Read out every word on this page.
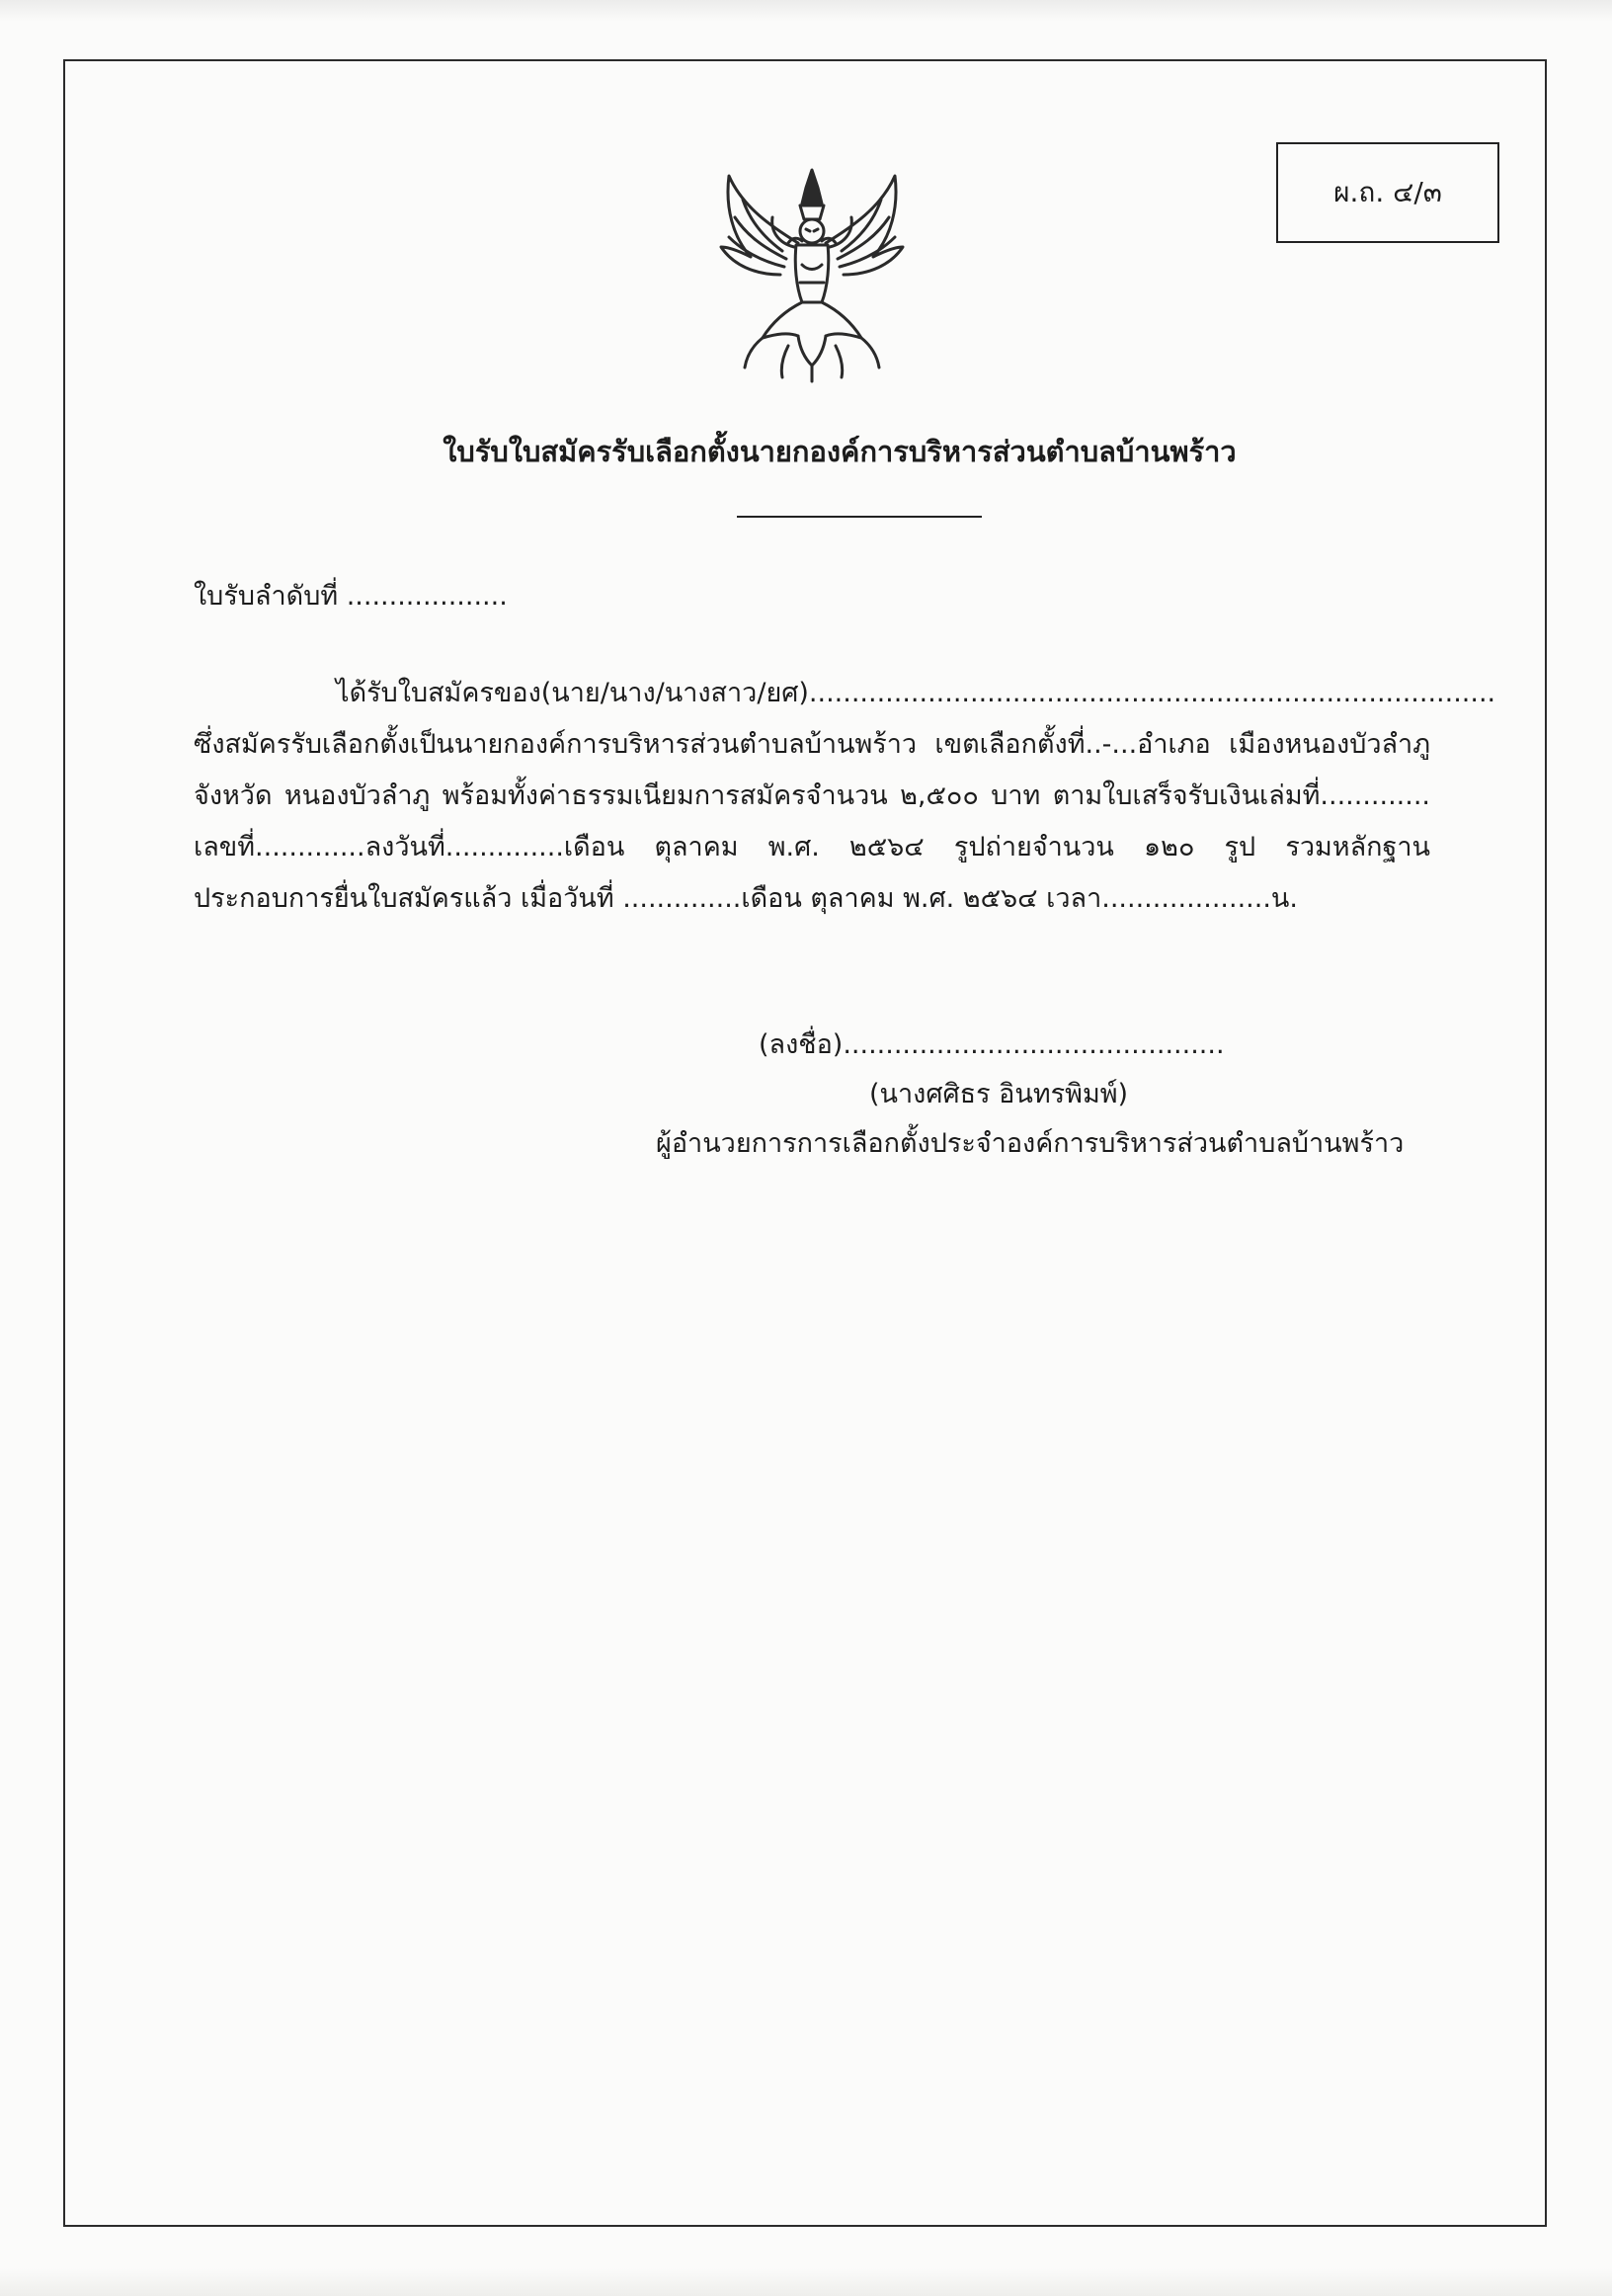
ผ.ถ. ๔/๓
ใบรับใบสมัครรับเลือกตั้งนายกองค์การบริหารส่วนตำบลบ้านพร้าว
ใบรับลำดับที่ ...................
ได้รับใบสมัครของ(นาย/นาง/นางสาว/ยศ).................................................................................
ซึ่งสมัครรับเลือกตั้งเป็นนายกองค์การบริหารส่วนตำบลบ้านพร้าว เขตเลือกตั้งที่..-...อำเภอ เมืองหนองบัวลำภู
จังหวัด หนองบัวลำภู พร้อมทั้งค่าธรรมเนียมการสมัครจำนวน ๒,๕๐๐ บาท ตามใบเสร็จรับเงินเล่มที่.............
เลขที่.............ลงวันที่..............เดือน ตุลาคม พ.ศ. ๒๕๖๔ รูปถ่ายจำนวน ๑๒๐ รูป รวมหลักฐาน
ประกอบการยื่นใบสมัครแล้ว เมื่อวันที่ ..............เดือน ตุลาคม พ.ศ. ๒๕๖๔ เวลา....................น.
(ลงชื่อ).............................................
(นางศศิธร อินทรพิมพ์)
ผู้อำนวยการการเลือกตั้งประจำองค์การบริหารส่วนตำบลบ้านพร้าว
